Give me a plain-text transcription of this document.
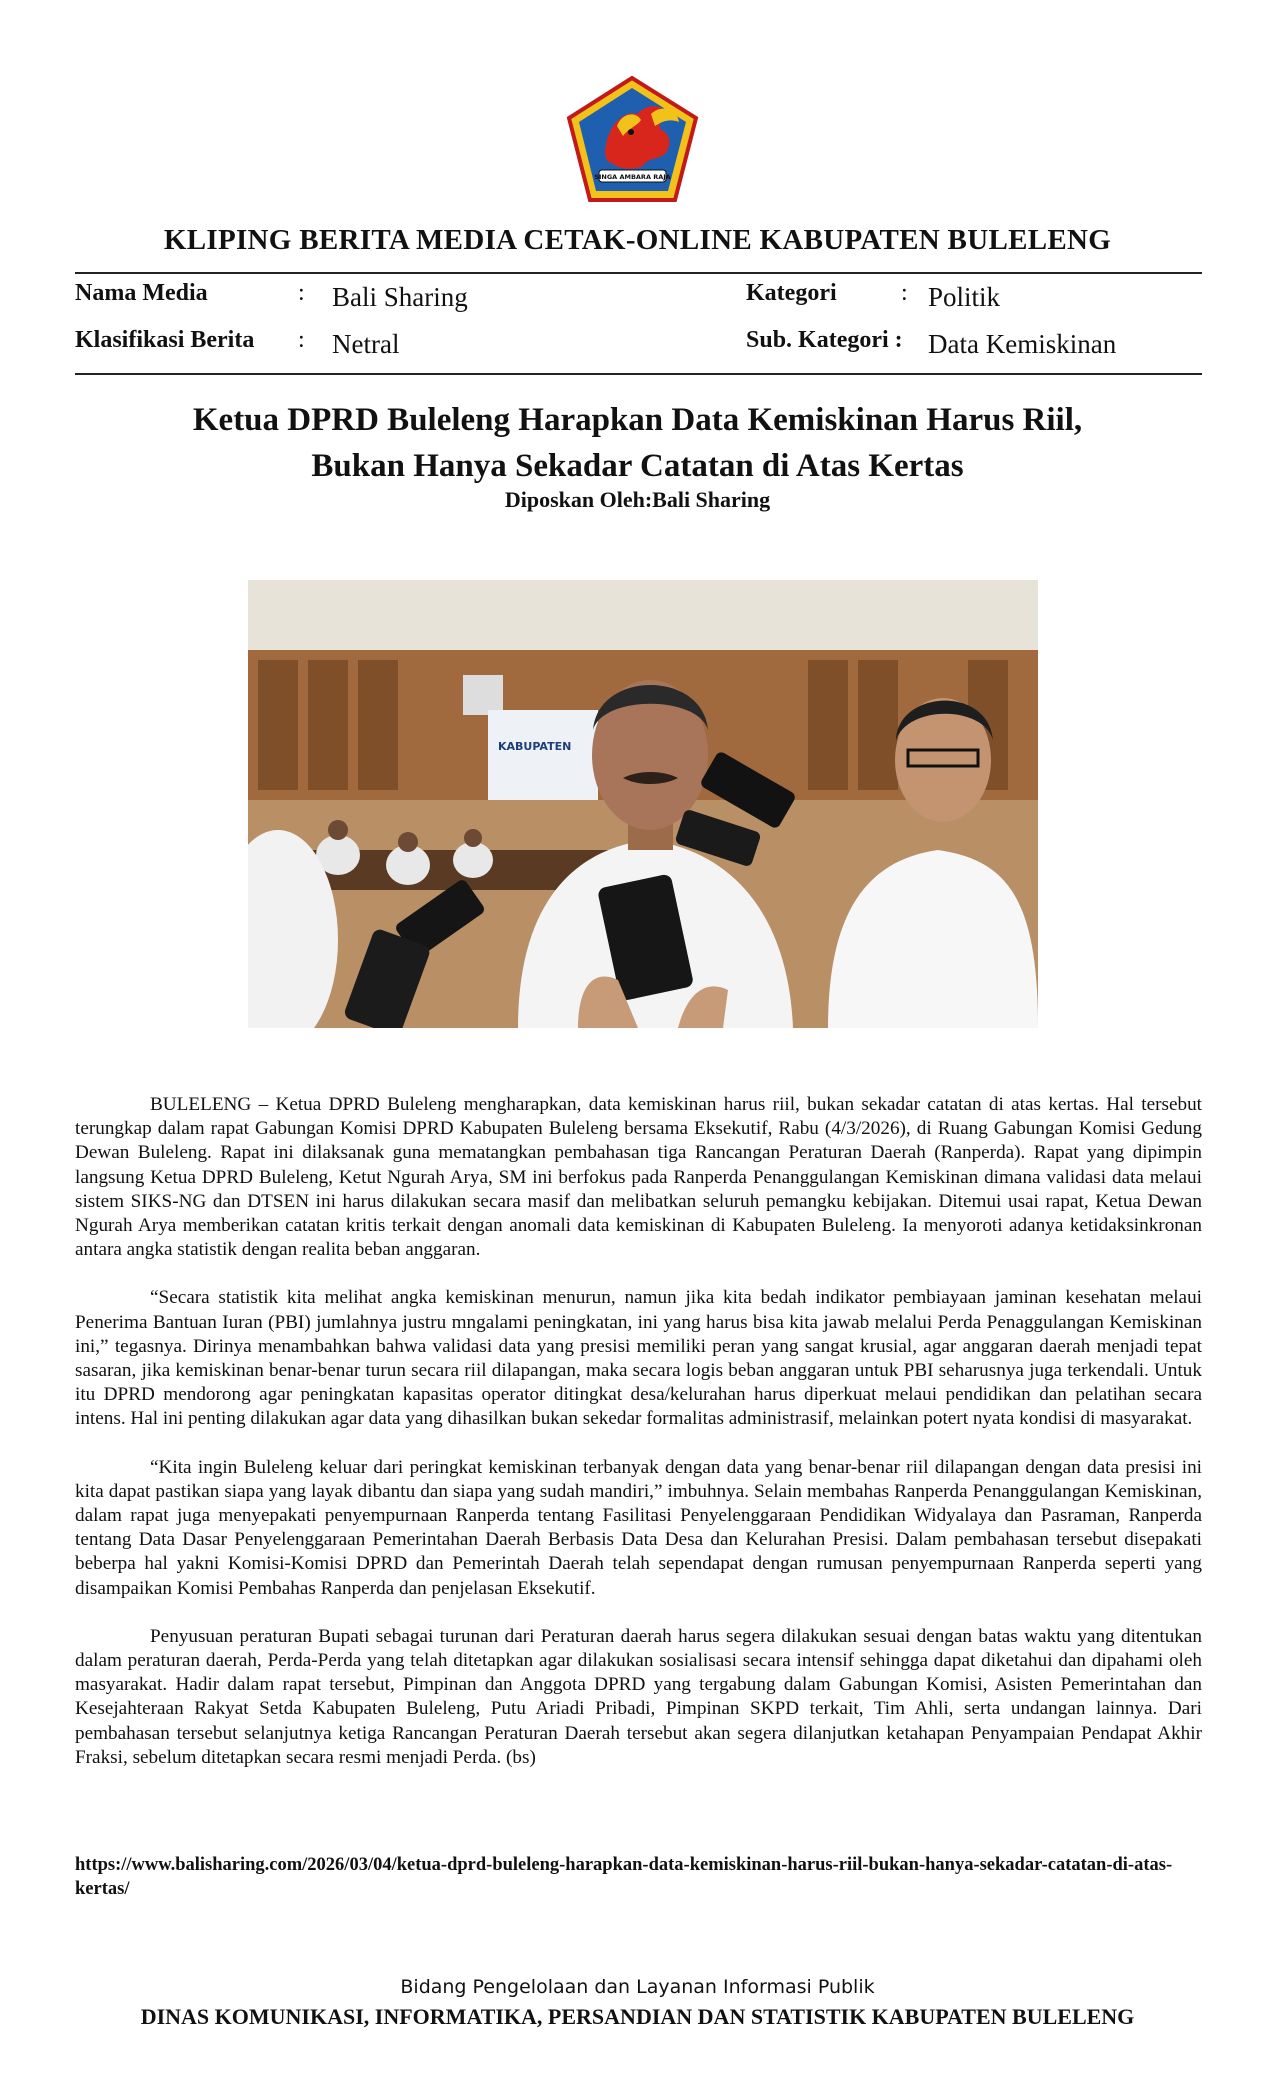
SINGA AMBARA RAJA
KLIPING BERITA MEDIA CETAK-ONLINE KABUPATEN BULELENG
Nama Media	: Bali Sharing	Kategori	: Politik
Klasifikasi Berita : Netral	Sub. Kategori : Data Kemiskinan
Ketua DPRD Buleleng Harapkan Data Kemiskinan Harus Riil,
Bukan Hanya Sekadar Catatan di Atas Kertas
Diposkan Oleh:Bali Sharing
KABUPATEN

BULELENG – Ketua DPRD Buleleng mengharapkan, data kemiskinan harus riil, bukan sekadar catatan di atas kertas. Hal tersebut terungkap dalam rapat Gabungan Komisi DPRD Kabupaten Buleleng bersama Eksekutif, Rabu (4/3/2026), di Ruang Gabungan Komisi Gedung Dewan Buleleng. Rapat ini dilaksanak guna mematangkan pembahasan tiga Rancangan Peraturan Daerah (Ranperda). Rapat yang dipimpin langsung Ketua DPRD Buleleng, Ketut Ngurah Arya, SM ini berfokus pada Ranperda Penanggulangan Kemiskinan dimana validasi data melaui sistem SIKS-NG dan DTSEN ini harus dilakukan secara masif dan melibatkan seluruh pemangku kebijakan. Ditemui usai rapat, Ketua Dewan Ngurah Arya memberikan catatan kritis terkait dengan anomali data kemiskinan di Kabupaten Buleleng. Ia menyoroti adanya ketidaksinkronan antara angka statistik dengan realita beban anggaran.

“Secara statistik kita melihat angka kemiskinan menurun, namun jika kita bedah indikator pembiayaan jaminan kesehatan melaui Penerima Bantuan Iuran (PBI) jumlahnya justru mngalami peningkatan, ini yang harus bisa kita jawab melalui Perda Penaggulangan Kemiskinan ini,” tegasnya. Dirinya menambahkan bahwa validasi data yang presisi memiliki peran yang sangat krusial, agar anggaran daerah menjadi tepat sasaran, jika kemiskinan benar-benar turun secara riil dilapangan, maka secara logis beban anggaran untuk PBI seharusnya juga terkendali. Untuk itu DPRD mendorong agar peningkatan kapasitas operator ditingkat desa/kelurahan harus diperkuat melaui pendidikan dan pelatihan secara intens. Hal ini penting dilakukan agar data yang dihasilkan bukan sekedar formalitas administrasif, melainkan potert nyata kondisi di masyarakat.

“Kita ingin Buleleng keluar dari peringkat kemiskinan terbanyak dengan data yang benar-benar riil dilapangan dengan data presisi ini kita dapat pastikan siapa yang layak dibantu dan siapa yang sudah mandiri,” imbuhnya. Selain membahas Ranperda Penanggulangan Kemiskinan, dalam rapat juga menyepakati penyempurnaan Ranperda tentang Fasilitasi Penyelenggaraan Pendidikan Widyalaya dan Pasraman, Ranperda tentang Data Dasar Penyelenggaraan Pemerintahan Daerah Berbasis Data Desa dan Kelurahan Presisi. Dalam pembahasan tersebut disepakati beberpa hal yakni Komisi-Komisi DPRD dan Pemerintah Daerah telah sependapat dengan rumusan penyempurnaan Ranperda seperti yang disampaikan Komisi Pembahas Ranperda dan penjelasan Eksekutif.

Penyusuan peraturan Bupati sebagai turunan dari Peraturan daerah harus segera dilakukan sesuai dengan batas waktu yang ditentukan dalam peraturan daerah, Perda-Perda yang telah ditetapkan agar dilakukan sosialisasi secara intensif sehingga dapat diketahui dan dipahami oleh masyarakat. Hadir dalam rapat tersebut, Pimpinan dan Anggota DPRD yang tergabung dalam Gabungan Komisi, Asisten Pemerintahan dan Kesejahteraan Rakyat Setda Kabupaten Buleleng, Putu Ariadi Pribadi, Pimpinan SKPD terkait, Tim Ahli, serta undangan lainnya. Dari pembahasan tersebut selanjutnya ketiga Rancangan Peraturan Daerah tersebut akan segera dilanjutkan ketahapan Penyampaian Pendapat Akhir Fraksi, sebelum ditetapkan secara resmi menjadi Perda. (bs)

https://www.balisharing.com/2026/03/04/ketua-dprd-buleleng-harapkan-data-kemiskinan-harus-riil-bukan-hanya-sekadar-catatan-di-atas-kertas/
Bidang Pengelolaan dan Layanan Informasi Publik
DINAS KOMUNIKASI, INFORMATIKA, PERSANDIAN DAN STATISTIK KABUPATEN BULELENG
